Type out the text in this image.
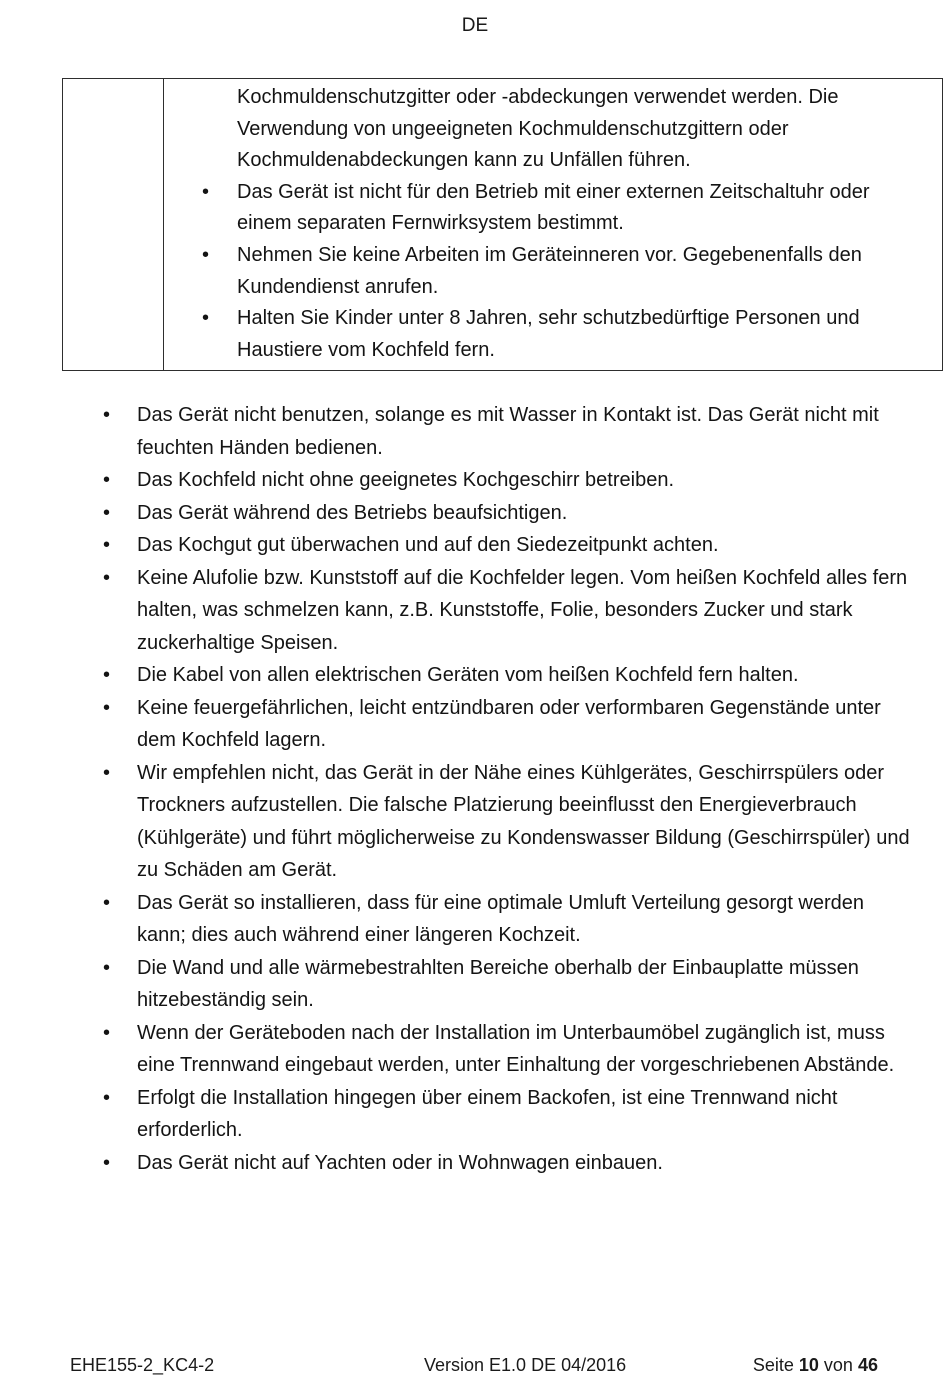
DE

Kochmuldenschutzgitter oder -abdeckungen verwendet werden. Die Verwendung von ungeeigneten Kochmuldenschutzgittern oder Kochmuldenabdeckungen kann zu Unfällen führen.
• Das Gerät ist nicht für den Betrieb mit einer externen Zeitschaltuhr oder einem separaten Fernwirksystem bestimmt.
• Nehmen Sie keine Arbeiten im Geräteinneren vor. Gegebenenfalls den Kundendienst anrufen.
• Halten Sie Kinder unter 8 Jahren, sehr schutzbedürftige Personen und Haustiere vom Kochfeld fern.
• Das Gerät nicht benutzen, solange es mit Wasser in Kontakt ist. Das Gerät nicht mit feuchten Händen bedienen.
• Das Kochfeld nicht ohne geeignetes Kochgeschirr betreiben.
• Das Gerät während des Betriebs beaufsichtigen.
• Das Kochgut gut überwachen und auf den Siedezeitpunkt achten.
• Keine Alufolie bzw. Kunststoff auf die Kochfelder legen. Vom heißen Kochfeld alles fern halten, was schmelzen kann, z.B. Kunststoffe, Folie, besonders Zucker und stark zuckerhaltige Speisen.
• Die Kabel von allen elektrischen Geräten vom heißen Kochfeld fern halten.
• Keine feuergefährlichen, leicht entzündbaren oder verformbaren Gegenstände unter dem Kochfeld lagern.
• Wir empfehlen nicht, das Gerät in der Nähe eines Kühlgerätes, Geschirrspülers oder Trockners aufzustellen. Die falsche Platzierung beeinflusst den Energieverbrauch (Kühlgeräte) und führt möglicherweise zu Kondenswasser Bildung (Geschirrspüler) und zu Schäden am Gerät.
• Das Gerät so installieren, dass für eine optimale Umluft Verteilung gesorgt werden kann; dies auch während einer längeren Kochzeit.
• Die Wand und alle wärmebestrahlten Bereiche oberhalb der Einbauplatte müssen hitzebeständig sein.
• Wenn der Geräteboden nach der Installation im Unterbaumöbel zugänglich ist, muss eine Trennwand eingebaut werden, unter Einhaltung der vorgeschriebenen Abstände.
• Erfolgt die Installation hingegen über einem Backofen, ist eine Trennwand nicht erforderlich.
• Das Gerät nicht auf Yachten oder in Wohnwagen einbauen.
EHE155-2_KC4-2	Version E1.0 DE 04/2016	Seite 10 von 46
